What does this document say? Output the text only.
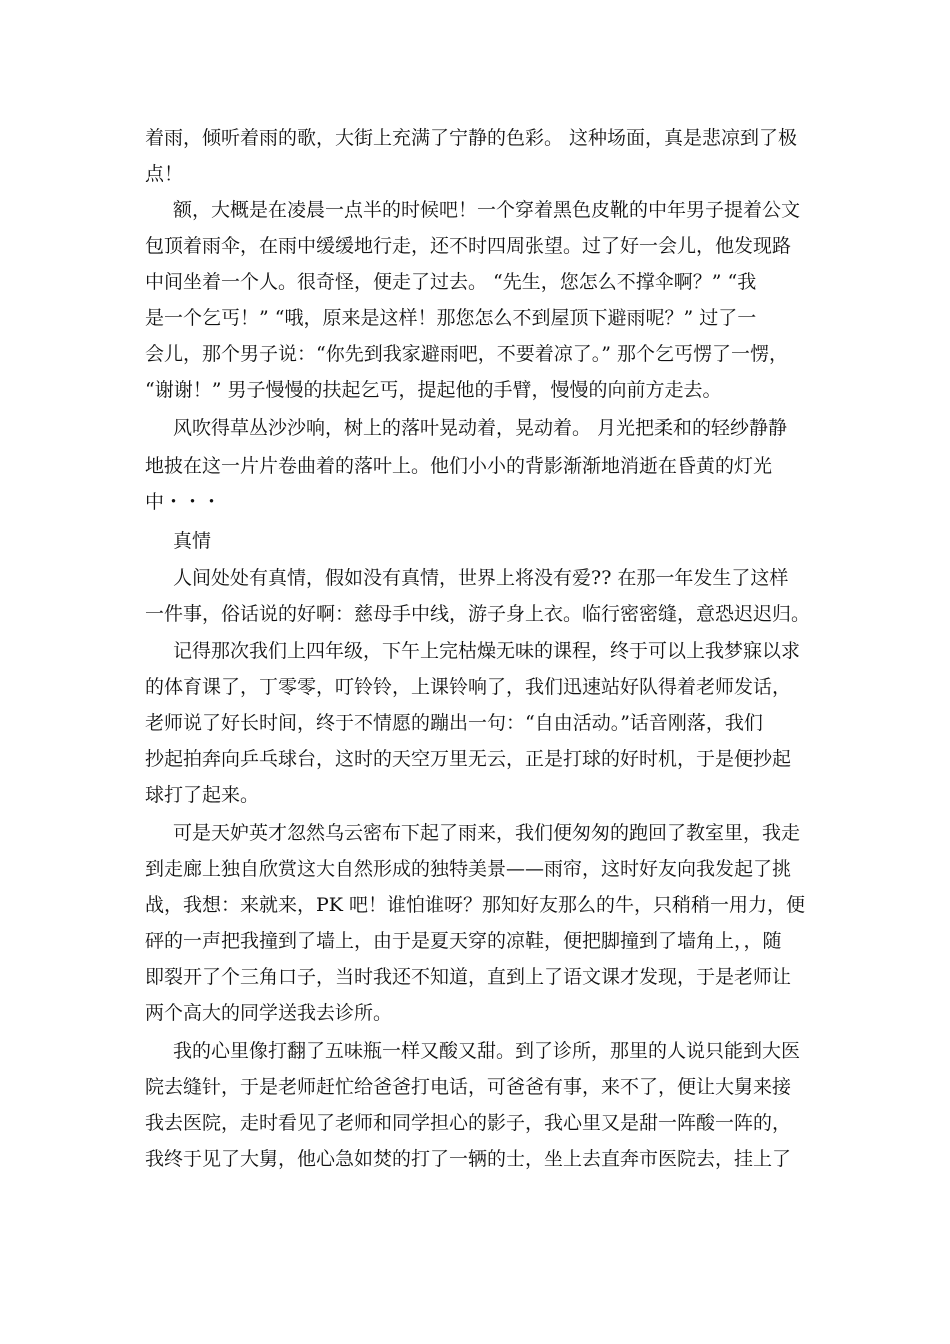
着雨，倾听着雨的歌，大街上充满了宁静的色彩。 这种场面，真是悲凉到了极
点！
额，大概是在凌晨一点半的时候吧！一个穿着黑色皮靴的中年男子提着公文
包顶着雨伞，在雨中缓缓地行走，还不时四周张望。过了好一会儿，他发现路
中间坐着一个人。很奇怪，便走了过去。 “先生，您怎么不撑伞啊？” “我
是一个乞丐！” “哦，原来是这样！那您怎么不到屋顶下避雨呢？” 过了一
会儿，那个男子说：“你先到我家避雨吧，不要着凉了。” 那个乞丐愣了一愣，
“谢谢！” 男子慢慢的扶起乞丐，提起他的手臂，慢慢的向前方走去。
风吹得草丛沙沙响，树上的落叶晃动着，晃动着。 月光把柔和的轻纱静静
地披在这一片片卷曲着的落叶上。他们小小的背影渐渐地消逝在昏黄的灯光
中・・・
真情
人间处处有真情，假如没有真情，世界上将没有爱?? 在那一年发生了这样
一件事，俗话说的好啊：慈母手中线，游子身上衣。临行密密缝，意恐迟迟归。
记得那次我们上四年级，下午上完枯燥无味的课程，终于可以上我梦寐以求
的体育课了，丁零零，叮铃铃，上课铃响了，我们迅速站好队得着老师发话，
老师说了好长时间，终于不情愿的蹦出一句：“自由活动。”话音刚落，我们
抄起拍奔向乒乓球台，这时的天空万里无云，正是打球的好时机，于是便抄起
球打了起来。
可是天妒英才忽然乌云密布下起了雨来，我们便匆匆的跑回了教室里，我走
到走廊上独自欣赏这大自然形成的独特美景——雨帘，这时好友向我发起了挑
战，我想：来就来，PK 吧！谁怕谁呀？那知好友那么的牛，只稍稍一用力，便
砰的一声把我撞到了墙上，由于是夏天穿的凉鞋，便把脚撞到了墙角上，，随
即裂开了个三角口子，当时我还不知道，直到上了语文课才发现，于是老师让
两个高大的同学送我去诊所。
我的心里像打翻了五味瓶一样又酸又甜。到了诊所，那里的人说只能到大医
院去缝针，于是老师赶忙给爸爸打电话，可爸爸有事，来不了，便让大舅来接
我去医院，走时看见了老师和同学担心的影子，我心里又是甜一阵酸一阵的，
我终于见了大舅，他心急如焚的打了一辆的士，坐上去直奔市医院去，挂上了
